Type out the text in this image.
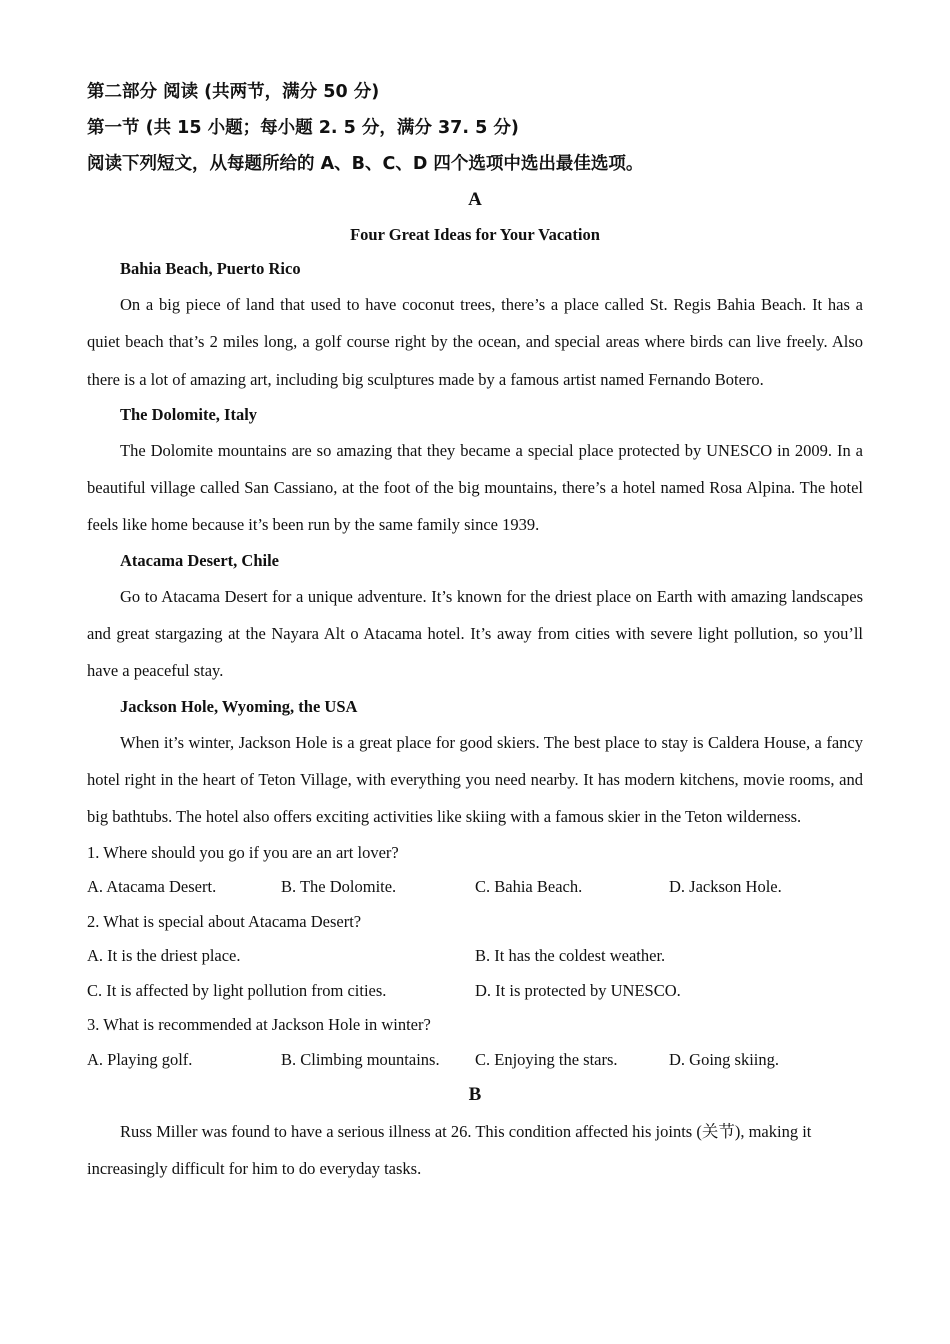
第二部分 阅读 (共两节，满分 50 分)
第一节 (共 15 小题；每小题 2. 5 分，满分 37. 5 分)
阅读下列短文，从每题所给的 A、B、C、D 四个选项中选出最佳选项。
A
Four Great Ideas for Your Vacation
Bahia Beach, Puerto Rico

On a big piece of land that used to have coconut trees, there’s a place called St. Regis Bahia Beach. It has a quiet beach that’s 2 miles long, a golf course right by the ocean, and special areas where birds can live freely. Also there is a lot of amazing art, including big sculptures made by a famous artist named Fernando Botero.

The Dolomite, Italy

The Dolomite mountains are so amazing that they became a special place protected by UNESCO in 2009. In a beautiful village called San Cassiano, at the foot of the big mountains, there’s a hotel named Rosa Alpina. The hotel feels like home because it’s been run by the same family since 1939.

Atacama Desert, Chile

Go to Atacama Desert for a unique adventure. It’s known for the driest place on Earth with amazing landscapes and great stargazing at the Nayara Alt o Atacama hotel. It’s away from cities with severe light pollution, so you’ll have a peaceful stay.

Jackson Hole, Wyoming, the USA

When it’s winter, Jackson Hole is a great place for good skiers. The best place to stay is Caldera House, a fancy hotel right in the heart of Teton Village, with everything you need nearby. It has modern kitchens, movie rooms, and big bathtubs. The hotel also offers exciting activities like skiing with a famous skier in the Teton wilderness.

1. Where should you go if you are an art lover?
A. Atacama Desert.	B. The Dolomite.	C. Bahia Beach.	D. Jackson Hole.
2. What is special about Atacama Desert?
A. It is the driest place.	B. It has the coldest weather.
C. It is affected by light pollution from cities.	D. It is protected by UNESCO.
3. What is recommended at Jackson Hole in winter?
A. Playing golf.	B. Climbing mountains.	C. Enjoying the stars.	D. Going skiing.
B

Russ Miller was found to have a serious illness at 26. This condition affected his joints (关节), making it increasingly difficult for him to do everyday tasks.
